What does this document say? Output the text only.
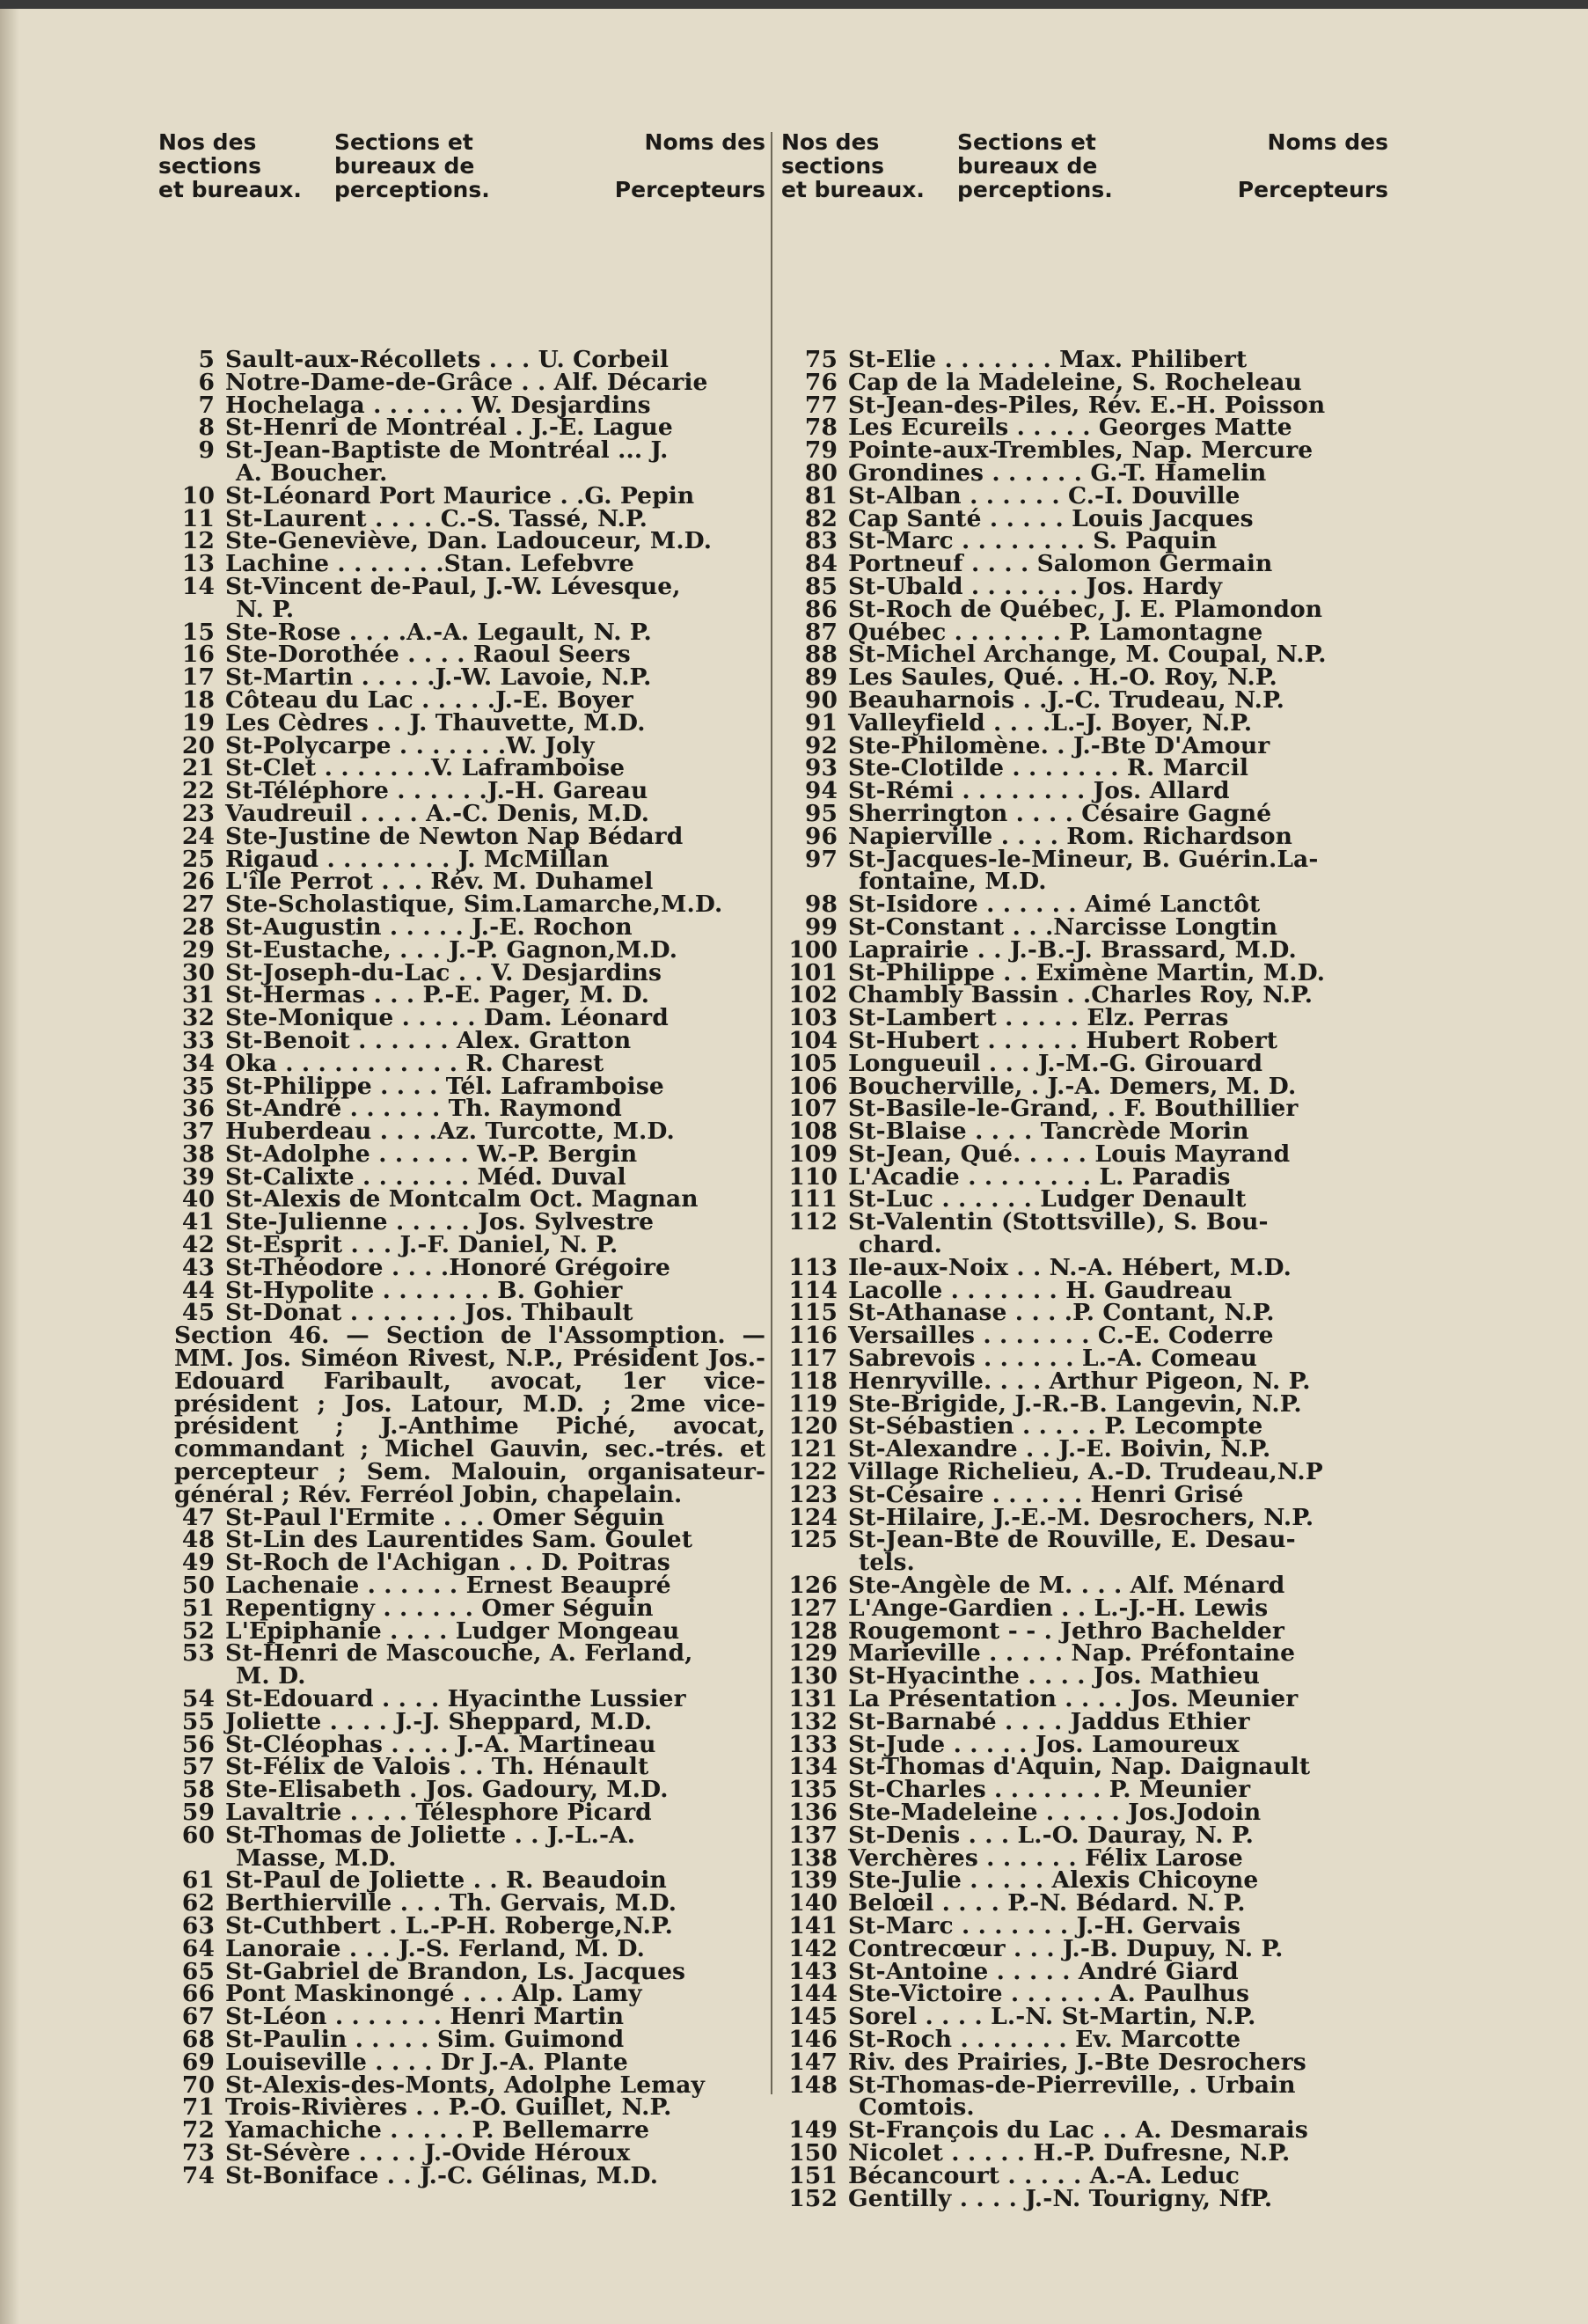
Nos des
sections
et bureaux.
Sections et
bureaux de
perceptions.
Noms des

Percepteurs
5 Sault-aux-Récollets . . . U. Corbeil
6 Notre-Dame-de-Grâce . . Alf. Décarie
7 Hochelaga . . . . . . W. Desjardins
8 St-Henri de Montréal . J.-E. Lague
9 St-Jean-Baptiste de Montréal ... J.
A. Boucher.
10 St-Léonard Port Maurice . .G. Pepin
11 St-Laurent . . . . C.-S. Tassé, N.P.
12 Ste-Geneviève, Dan. Ladouceur, M.D.
13 Lachine . . . . . . .Stan. Lefebvre
14 St-Vincent de-Paul, J.-W. Lévesque,
N. P.
15 Ste-Rose . . . .A.-A. Legault, N. P.
16 Ste-Dorothée . . . . Raoul Seers
17 St-Martin . . . . .J.-W. Lavoie, N.P.
18 Côteau du Lac . . . . .J.-E. Boyer
19 Les Cèdres . . J. Thauvette, M.D.
20 St-Polycarpe . . . . . . .W. Joly
21 St-Clet . . . . . . .V. Laframboise
22 St-Téléphore . . . . . .J.-H. Gareau
23 Vaudreuil . . . . A.-C. Denis, M.D.
24 Ste-Justine de Newton Nap Bédard
25 Rigaud . . . . . . . . J. McMillan
26 L'île Perrot . . . Rév. M. Duhamel
27 Ste-Scholastique, Sim.Lamarche,M.D.
28 St-Augustin . . . . . J.-E. Rochon
29 St-Eustache, . . . J.-P. Gagnon,M.D.
30 St-Joseph-du-Lac . . V. Desjardins
31 St-Hermas . . . P.-E. Pager, M. D.
32 Ste-Monique . . . . . Dam. Léonard
33 St-Benoit . . . . . . Alex. Gratton
34 Oka . . . . . . . . . . . R. Charest
35 St-Philippe . . . . Tél. Laframboise
36 St-André . . . . . . Th. Raymond
37 Huberdeau . . . .Az. Turcotte, M.D.
38 St-Adolphe . . . . . . W.-P. Bergin
39 St-Calixte . . . . . . . Méd. Duval
40 St-Alexis de Montcalm Oct. Magnan
41 Ste-Julienne . . . . . Jos. Sylvestre
42 St-Esprit . . . J.-F. Daniel, N. P.
43 St-Théodore . . . .Honoré Grégoire
44 St-Hypolite . . . . . . . B. Gohier
45 St-Donat . . . . . . . Jos. Thibault
Section 46. — Section de l'Assomption. —MM. Jos. Siméon Rivest, N.P., Président Jos.-Edouard Faribault, avocat, 1er vice-président ; Jos. Latour, M.D. ; 2me vice-président ; J.-Anthime Piché, avocat, commandant ; Michel Gauvin, sec.-trés. et percepteur ; Sem. Malouin, organisateur-général ; Rév. Ferréol Jobin, chapelain.
47 St-Paul l'Ermite . . . Omer Séguin
48 St-Lin des Laurentides Sam. Goulet
49 St-Roch de l'Achigan . . D. Poitras
50 Lachenaie . . . . . . Ernest Beaupré
51 Repentigny . . . . . . Omer Séguin
52 L'Epiphanie . . . . Ludger Mongeau
53 St-Henri de Mascouche, A. Ferland,
M. D.
54 St-Edouard . . . . Hyacinthe Lussier
55 Joliette . . . . J.-J. Sheppard, M.D.
56 St-Cléophas . . . . J.-A. Martineau
57 St-Félix de Valois . . Th. Hénault
58 Ste-Elisabeth . Jos. Gadoury, M.D.
59 Lavaltrie . . . . Télesphore Picard
60 St-Thomas de Joliette . . J.-L.-A.
Masse, M.D.
61 St-Paul de Joliette . . R. Beaudoin
62 Berthierville . . . Th. Gervais, M.D.
63 St-Cuthbert . L.-P-H. Roberge,N.P.
64 Lanoraie . . . J.-S. Ferland, M. D.
65 St-Gabriel de Brandon, Ls. Jacques
66 Pont Maskinongé . . . Alp. Lamy
67 St-Léon . . . . . . . Henri Martin
68 St-Paulin . . . . . Sim. Guimond
69 Louiseville . . . . Dr J.-A. Plante
70 St-Alexis-des-Monts, Adolphe Lemay
71 Trois-Rivières . . P.-O. Guillet, N.P.
72 Yamachiche . . . . . P. Bellemarre
73 St-Sévère . . . . J.-Ovide Héroux
74 St-Boniface . . J.-C. Gélinas, M.D.
Nos des
sections
et bureaux.
Sections et
bureaux de
perceptions.
Noms des

Percepteurs
75 St-Elie . . . . . . . Max. Philibert
76 Cap de la Madeleine, S. Rocheleau
77 St-Jean-des-Piles, Rév. E.-H. Poisson
78 Les Ecureils . . . . . Georges Matte
79 Pointe-aux-Trembles, Nap. Mercure
80 Grondines . . . . . . G.-T. Hamelin
81 St-Alban . . . . . . C.-I. Douville
82 Cap Santé . . . . . Louis Jacques
83 St-Marc . . . . . . . . S. Paquin
84 Portneuf . . . . Salomon Germain
85 St-Ubald . . . . . . . Jos. Hardy
86 St-Roch de Québec, J. E. Plamondon
87 Québec . . . . . . . P. Lamontagne
88 St-Michel Archange, M. Coupal, N.P.
89 Les Saules, Qué. . H.-O. Roy, N.P.
90 Beauharnois . .J.-C. Trudeau, N.P.
91 Valleyfield . . . .L.-J. Boyer, N.P.
92 Ste-Philomène. . J.-Bte D'Amour
93 Ste-Clotilde . . . . . . . R. Marcil
94 St-Rémi . . . . . . . . Jos. Allard
95 Sherrington . . . . Césaire Gagné
96 Napierville . . . . Rom. Richardson
97 St-Jacques-le-Mineur, B. Guérin.La-
fontaine, M.D.
98 St-Isidore . . . . . . Aimé Lanctôt
99 St-Constant . . .Narcisse Longtin
100 Laprairie . . J.-B.-J. Brassard, M.D.
101 St-Philippe . . Eximène Martin, M.D.
102 Chambly Bassin . .Charles Roy, N.P.
103 St-Lambert . . . . . Elz. Perras
104 St-Hubert . . . . . . Hubert Robert
105 Longueuil . . . J.-M.-G. Girouard
106 Boucherville, . J.-A. Demers, M. D.
107 St-Basile-le-Grand, . F. Bouthillier
108 St-Blaise . . . . Tancrède Morin
109 St-Jean, Qué. . . . . Louis Mayrand
110 L'Acadie . . . . . . . . L. Paradis
111 St-Luc . . . . . . Ludger Denault
112 St-Valentin (Stottsville), S. Bou-
chard.
113 Ile-aux-Noix . . N.-A. Hébert, M.D.
114 Lacolle . . . . . . . H. Gaudreau
115 St-Athanase . . . .P. Contant, N.P.
116 Versailles . . . . . . . C.-E. Coderre
117 Sabrevois . . . . . . L.-A. Comeau
118 Henryville. . . . Arthur Pigeon, N. P.
119 Ste-Brigide, J.-R.-B. Langevin, N.P.
120 St-Sébastien . . . . . P. Lecompte
121 St-Alexandre . . J.-E. Boivin, N.P.
122 Village Richelieu, A.-D. Trudeau,N.P
123 St-Césaire . . . . . . Henri Grisé
124 St-Hilaire, J.-E.-M. Desrochers, N.P.
125 St-Jean-Bte de Rouville, E. Desau-
tels.
126 Ste-Angèle de M. . . . Alf. Ménard
127 L'Ange-Gardien . . L.-J.-H. Lewis
128 Rougemont - - . Jethro Bachelder
129 Marieville . . . . . Nap. Préfontaine
130 St-Hyacinthe . . . . Jos. Mathieu
131 La Présentation . . . . Jos. Meunier
132 St-Barnabé . . . . Jaddus Ethier
133 St-Jude . . . . . Jos. Lamoureux
134 St-Thomas d'Aquin, Nap. Daignault
135 St-Charles . . . . . . . P. Meunier
136 Ste-Madeleine . . . . . Jos.Jodoin
137 St-Denis . . . L.-O. Dauray, N. P.
138 Verchères . . . . . . Félix Larose
139 Ste-Julie . . . . . Alexis Chicoyne
140 Belœil . . . . P.-N. Bédard. N. P.
141 St-Marc . . . . . . . J.-H. Gervais
142 Contrecœur . . . J.-B. Dupuy, N. P.
143 St-Antoine . . . . . André Giard
144 Ste-Victoire . . . . . . A. Paulhus
145 Sorel . . . . L.-N. St-Martin, N.P.
146 St-Roch . . . . . . . Ev. Marcotte
147 Riv. des Prairies, J.-Bte Desrochers
148 St-Thomas-de-Pierreville, . Urbain
Comtois.
149 St-François du Lac . . A. Desmarais
150 Nicolet . . . . . H.-P. Dufresne, N.P.
151 Bécancourt . . . . . A.-A. Leduc
152 Gentilly . . . . J.-N. Tourigny, NfP.
